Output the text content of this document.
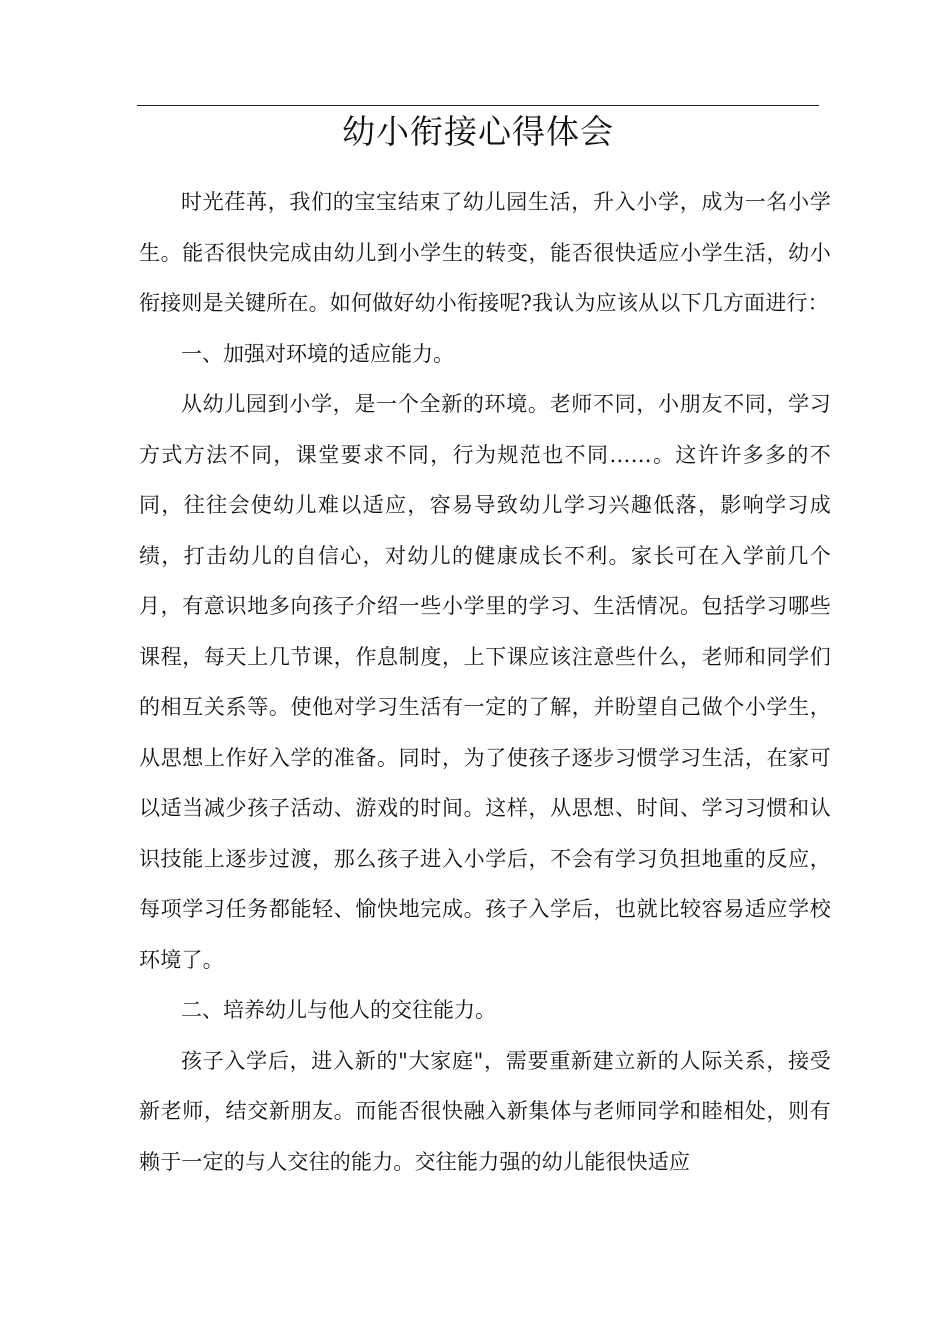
幼小衔接心得体会

时光荏苒，我们的宝宝结束了幼儿园生活，升入小学，成为一名小学生。能否很快完成由幼儿到小学生的转变，能否很快适应小学生活，幼小衔接则是关键所在。如何做好幼小衔接呢?我认为应该从以下几方面进行：

一、加强对环境的适应能力。

从幼儿园到小学，是一个全新的环境。老师不同，小朋友不同，学习方式方法不同，课堂要求不同，行为规范也不同……。这许许多多的不同，往往会使幼儿难以适应，容易导致幼儿学习兴趣低落，影响学习成绩，打击幼儿的自信心，对幼儿的健康成长不利。家长可在入学前几个月，有意识地多向孩子介绍一些小学里的学习、生活情况。包括学习哪些课程，每天上几节课，作息制度，上下课应该注意些什么，老师和同学们的相互关系等。使他对学习生活有一定的了解，并盼望自己做个小学生，从思想上作好入学的准备。同时，为了使孩子逐步习惯学习生活，在家可以适当减少孩子活动、游戏的时间。这样，从思想、时间、学习习惯和认识技能上逐步过渡，那么孩子进入小学后，不会有学习负担地重的反应，每项学习任务都能轻、愉快地完成。孩子入学后，也就比较容易适应学校环境了。

二、培养幼儿与他人的交往能力。

孩子入学后，进入新的"大家庭"，需要重新建立新的人际关系，接受新老师，结交新朋友。而能否很快融入新集体与老师同学和睦相处，则有赖于一定的与人交往的能力。交往能力强的幼儿能很快适应
